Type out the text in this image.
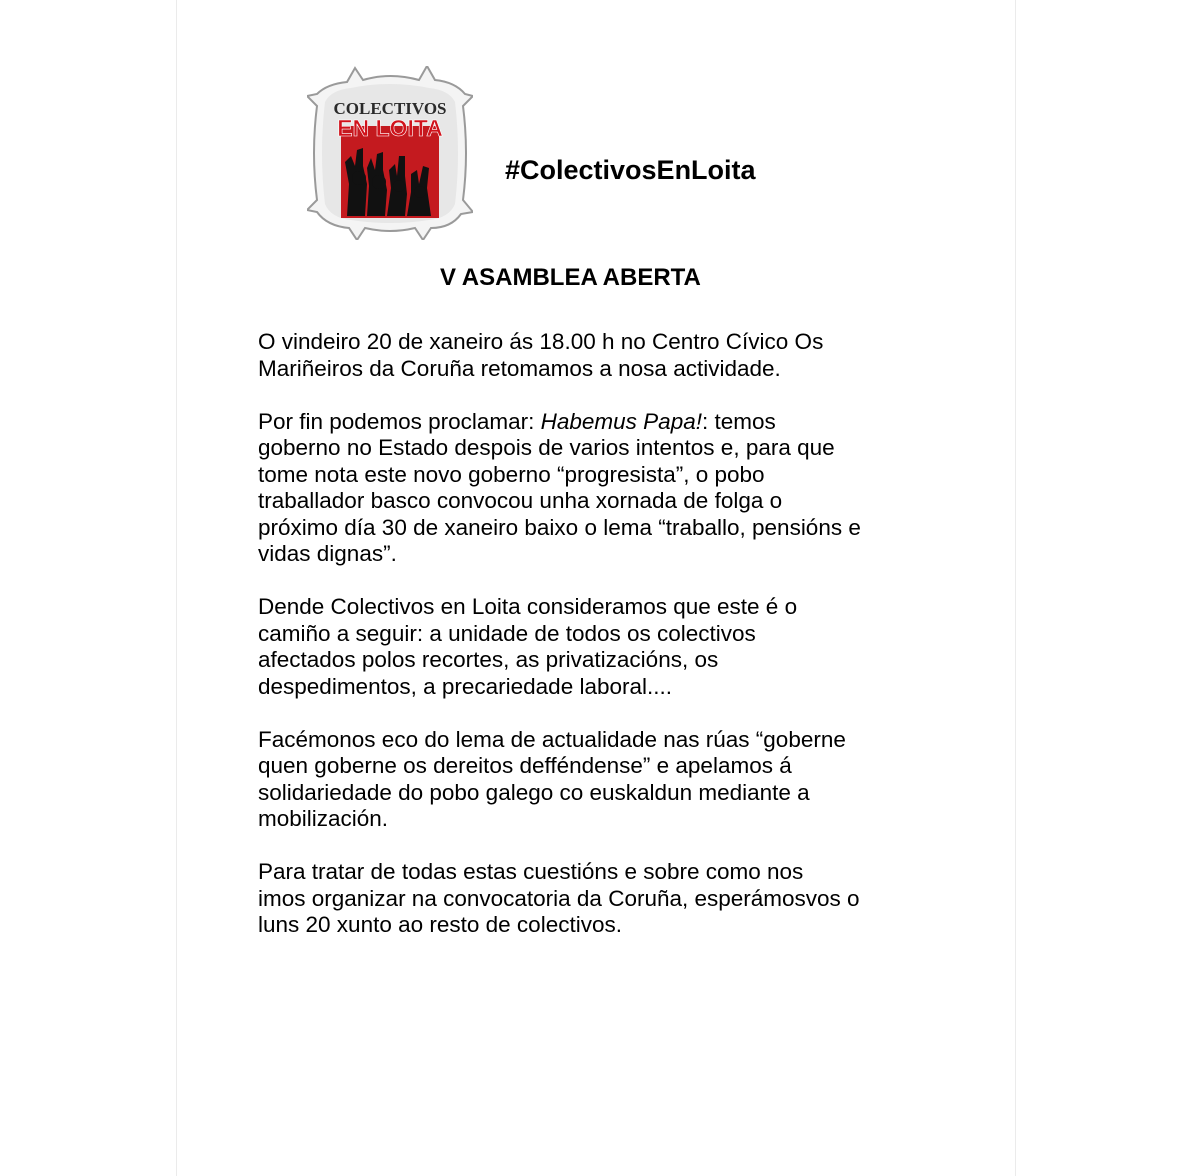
COLECTIVOS
EN LOITA
#ColectivosEnLoita
V ASAMBLEA ABERTA

O vindeiro 20 de xaneiro ás 18.00 h no Centro Cívico Os
Mariñeiros da Coruña retomamos a nosa actividade.

Por fin podemos proclamar: Habemus Papa!: temos
goberno no Estado despois de varios intentos e, para que
tome nota este novo goberno “progresista”, o pobo
traballador basco convocou unha xornada de folga o
próximo día 30 de xaneiro baixo o lema “traballo, pensións e
vidas dignas”.

Dende Colectivos en Loita consideramos que este é o
camiño a seguir: a unidade de todos os colectivos
afectados polos recortes, as privatizacións, os
despedimentos, a precariedade laboral....

Facémonos eco do lema de actualidade nas rúas “goberne
quen goberne os dereitos defféndense” e apelamos á
solidariedade do pobo galego co euskaldun mediante a
mobilización.

Para tratar de todas estas cuestións e sobre como nos
imos organizar na convocatoria da Coruña, esperámosvos o
luns 20 xunto ao resto de colectivos.
